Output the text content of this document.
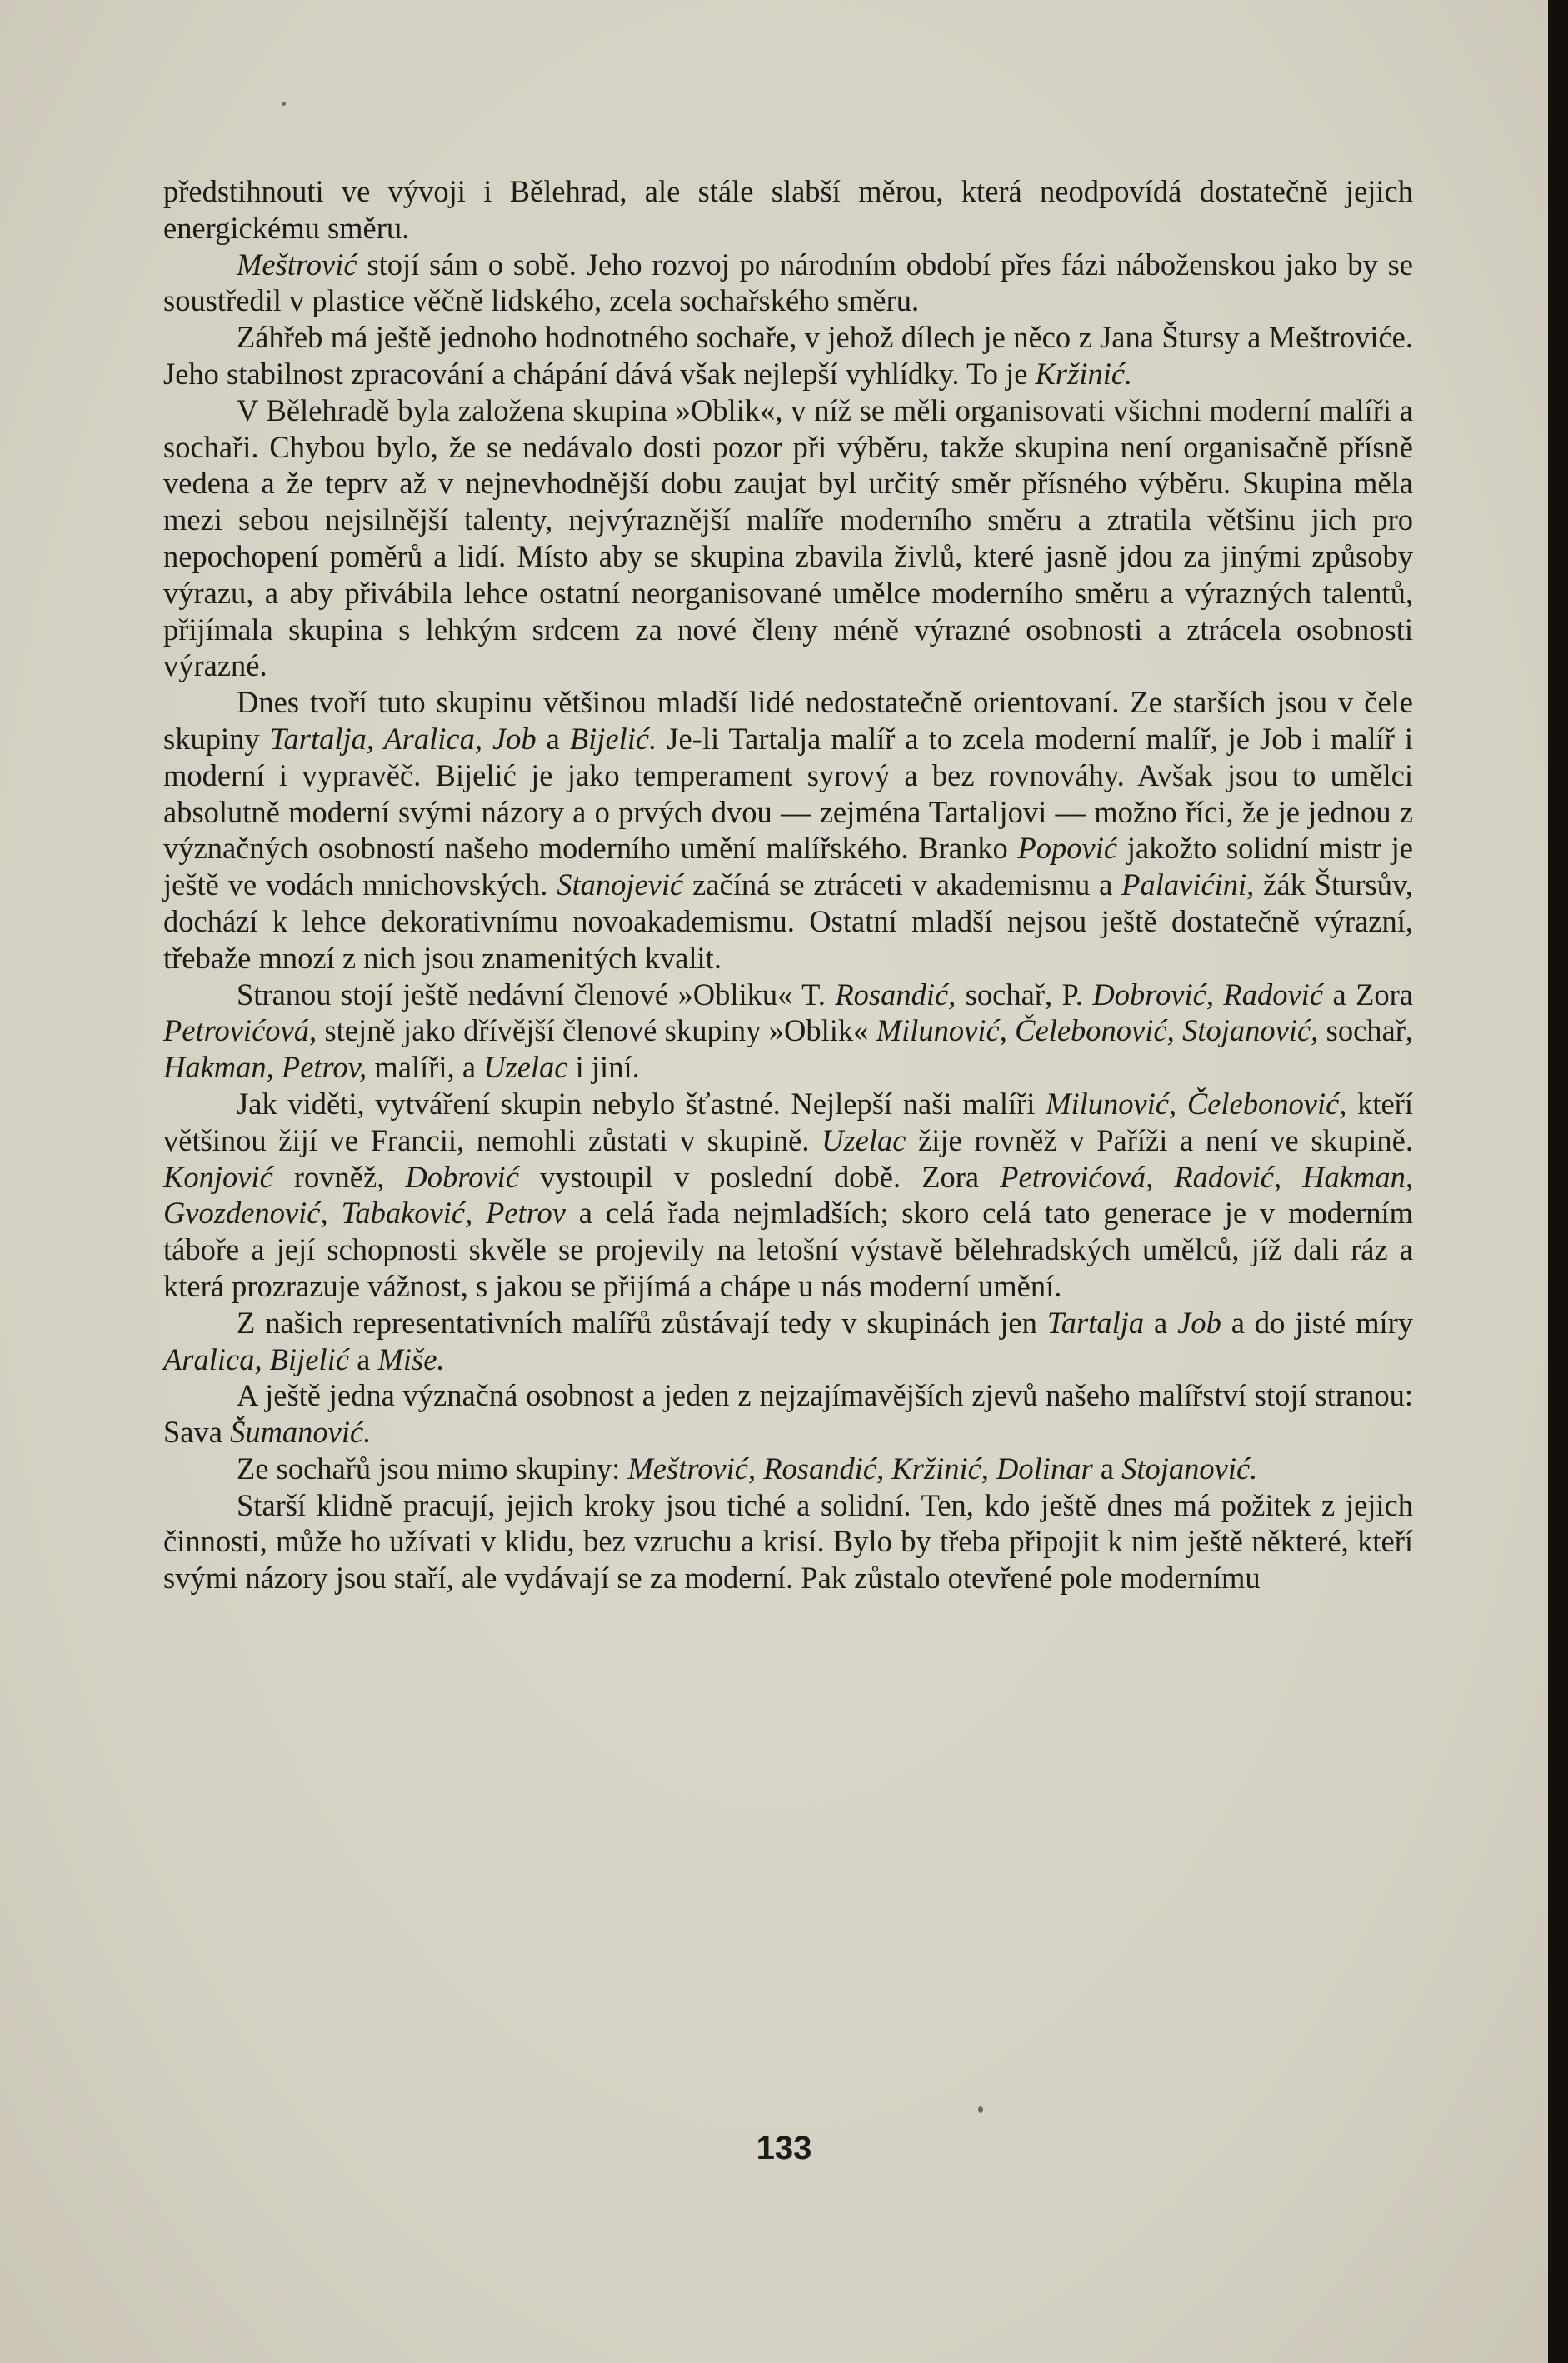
předstihnouti ve vývoji i Bělehrad, ale stále slabší měrou, která neodpovídá dostatečně jejich energickému směru.

Meštrović stojí sám o sobě. Jeho rozvoj po národním období přes fázi náboženskou jako by se soustředil v plastice věčně lidského, zcela sochařského směru.

Záhřeb má ještě jednoho hodnotného sochaře, v jehož dílech je něco z Jana Štursy a Meštroviće. Jeho stabilnost zpracování a chápání dává však nejlepší vyhlídky. To je Kržinić.

V Bělehradě byla založena skupina »Oblik«, v níž se měli organisovati všichni moderní malíři a sochaři. Chybou bylo, že se nedávalo dosti pozor při výběru, takže skupina není organisačně přísně vedena a že teprv až v nejnevhodnější dobu zaujat byl určitý směr přísného výběru. Skupina měla mezi sebou nejsilnější talenty, nejvýraznější malíře moderního směru a ztratila většinu jich pro nepochopení poměrů a lidí. Místo aby se skupina zbavila živlů, které jasně jdou za jinými způsoby výrazu, a aby přivábila lehce ostatní neorganisované umělce moderního směru a výrazných talentů, přijímala skupina s lehkým srdcem za nové členy méně výrazné osobnosti a ztrácela osobnosti výrazné.

Dnes tvoří tuto skupinu většinou mladší lidé nedostatečně orientovaní. Ze starších jsou v čele skupiny Tartalja, Aralica, Job a Bijelić. Je-li Tartalja malíř a to zcela moderní malíř, je Job i malíř i moderní i vypravěč. Bijelić je jako temperament syrový a bez rovnováhy. Avšak jsou to umělci absolutně moderní svými názory a o prvých dvou — zejména Tartaljovi — možno říci, že je jednou z význačných osobností našeho moderního umění malířského. Branko Popović jakožto solidní mistr je ještě ve vodách mnichovských. Stanojević začíná se ztráceti v akademismu a Palavićini, žák Štursův, dochází k lehce dekorativnímu novoakademismu. Ostatní mladší nejsou ještě dostatečně výrazní, třebaže mnozí z nich jsou znamenitých kvalit.

Stranou stojí ještě nedávní členové »Obliku« T. Rosandić, sochař, P. Dobrović, Radović a Zora Petrovićová, stejně jako dřívější členové skupiny »Oblik« Milunović, Čelebonović, Stojanović, sochař, Hakman, Petrov, malíři, a Uzelac i jiní.

Jak viděti, vytváření skupin nebylo šťastné. Nejlepší naši malíři Milunović, Čelebonović, kteří většinou žijí ve Francii, nemohli zůstati v skupině. Uzelac žije rovněž v Paříži a není ve skupině. Konjović rovněž, Dobrović vystoupil v poslední době. Zora Petrovićová, Radović, Hakman, Gvozdenović, Tabaković, Petrov a celá řada nejmladších; skoro celá tato generace je v moderním táboře a její schopnosti skvěle se projevily na letošní výstavě bělehradských umělců, jíž dali ráz a která prozrazuje vážnost, s jakou se přijímá a chápe u nás moderní umění.

Z našich representativních malířů zůstávají tedy v skupinách jen Tartalja a Job a do jisté míry Aralica, Bijelić a Miše.

A ještě jedna význačná osobnost a jeden z nejzajímavějších zjevů našeho malířství stojí stranou: Sava Šumanović.

Ze sochařů jsou mimo skupiny: Meštrović, Rosandić, Kržinić, Dolinar a Stojanović.

Starší klidně pracují, jejich kroky jsou tiché a solidní. Ten, kdo ještě dnes má požitek z jejich činnosti, může ho užívati v klidu, bez vzruchu a krisí. Bylo by třeba připojit k nim ještě některé, kteří svými názory jsou staří, ale vydávají se za moderní. Pak zůstalo otevřené pole modernímu

133
